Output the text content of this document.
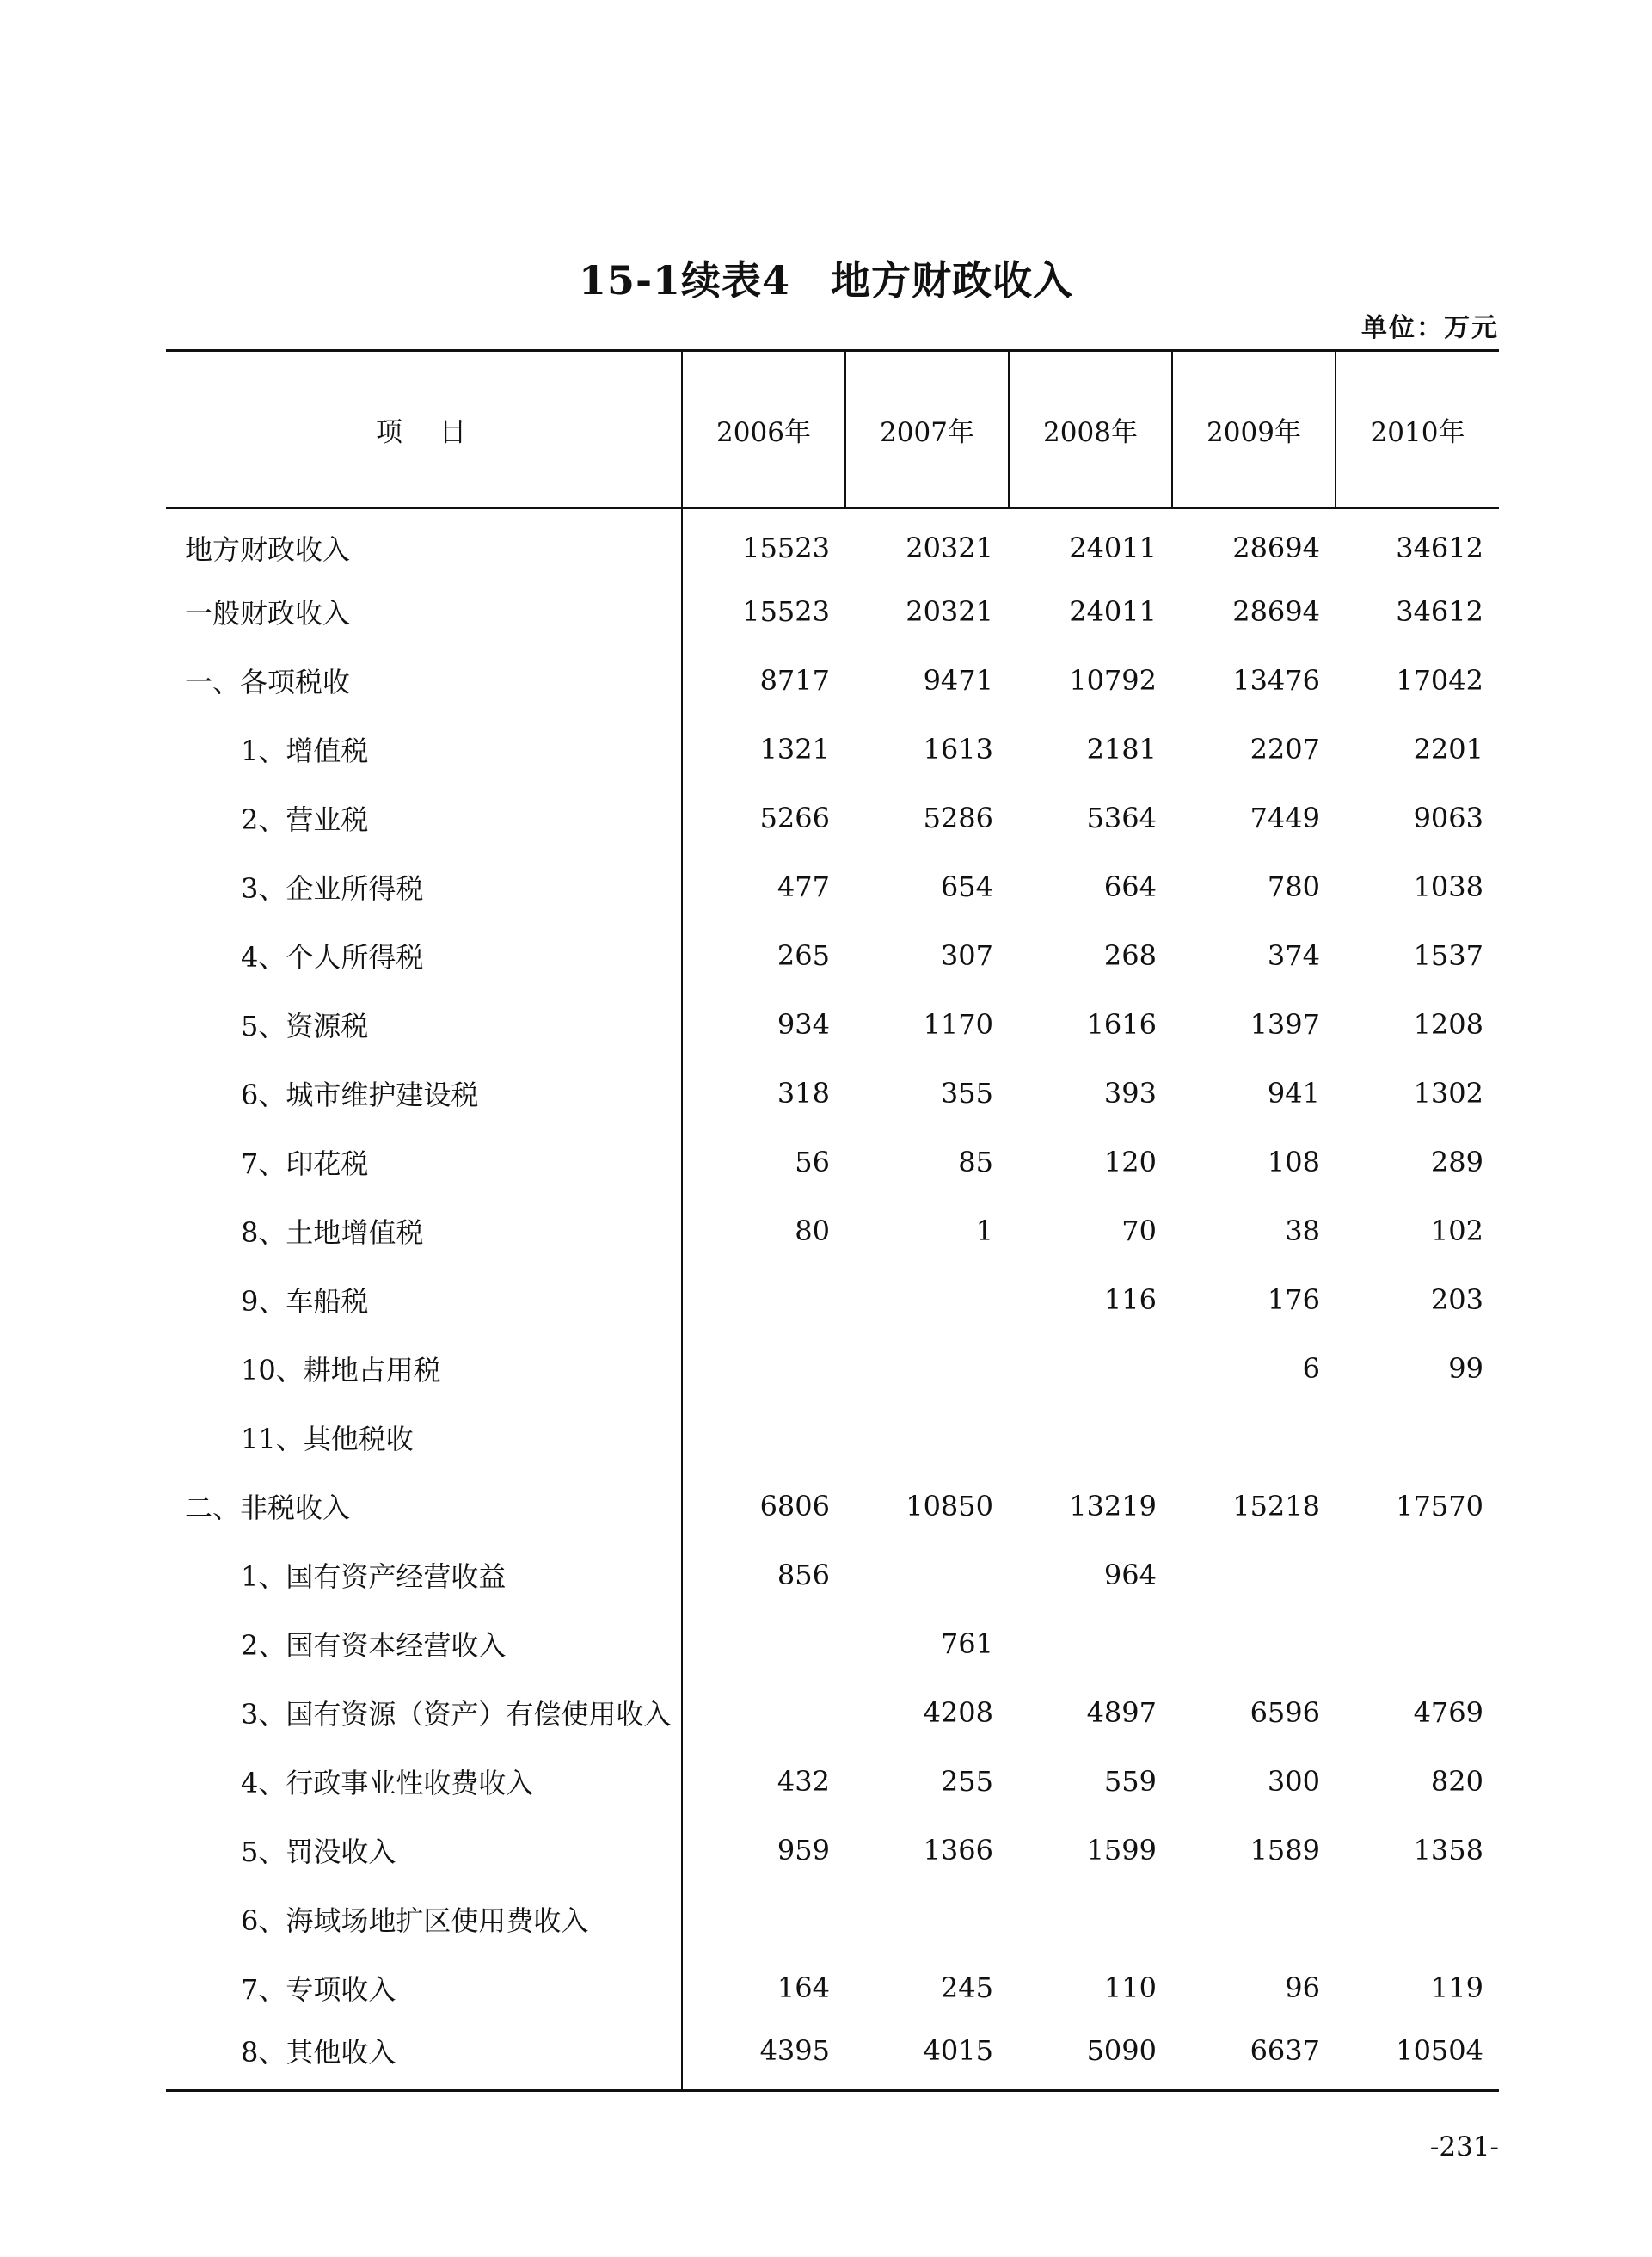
15-1续表4　地方财政收入
单位：万元
项　目	2006年	2007年	2008年	2009年	2010年
地方财政收入	15523	20321	24011	28694	34612
一般财政收入	15523	20321	24011	28694	34612
一、各项税收	8717	9471	10792	13476	17042
1、增值税	1321	1613	2181	2207	2201
2、营业税	5266	5286	5364	7449	9063
3、企业所得税	477	654	664	780	1038
4、个人所得税	265	307	268	374	1537
5、资源税	934	1170	1616	1397	1208
6、城市维护建设税	318	355	393	941	1302
7、印花税	56	85	120	108	289
8、土地增值税	80	1	70	38	102
9、车船税			116	176	203
10、耕地占用税				6	99
11、其他税收					
二、非税收入	6806	10850	13219	15218	17570
1、国有资产经营收益	856		964		
2、国有资本经营收入		761			
3、国有资源（资产）有偿使用收入		4208	4897	6596	4769
4、行政事业性收费收入	432	255	559	300	820
5、罚没收入	959	1366	1599	1589	1358
6、海域场地扩区使用费收入					
7、专项收入	164	245	110	96	119
8、其他收入	4395	4015	5090	6637	10504
-231-
